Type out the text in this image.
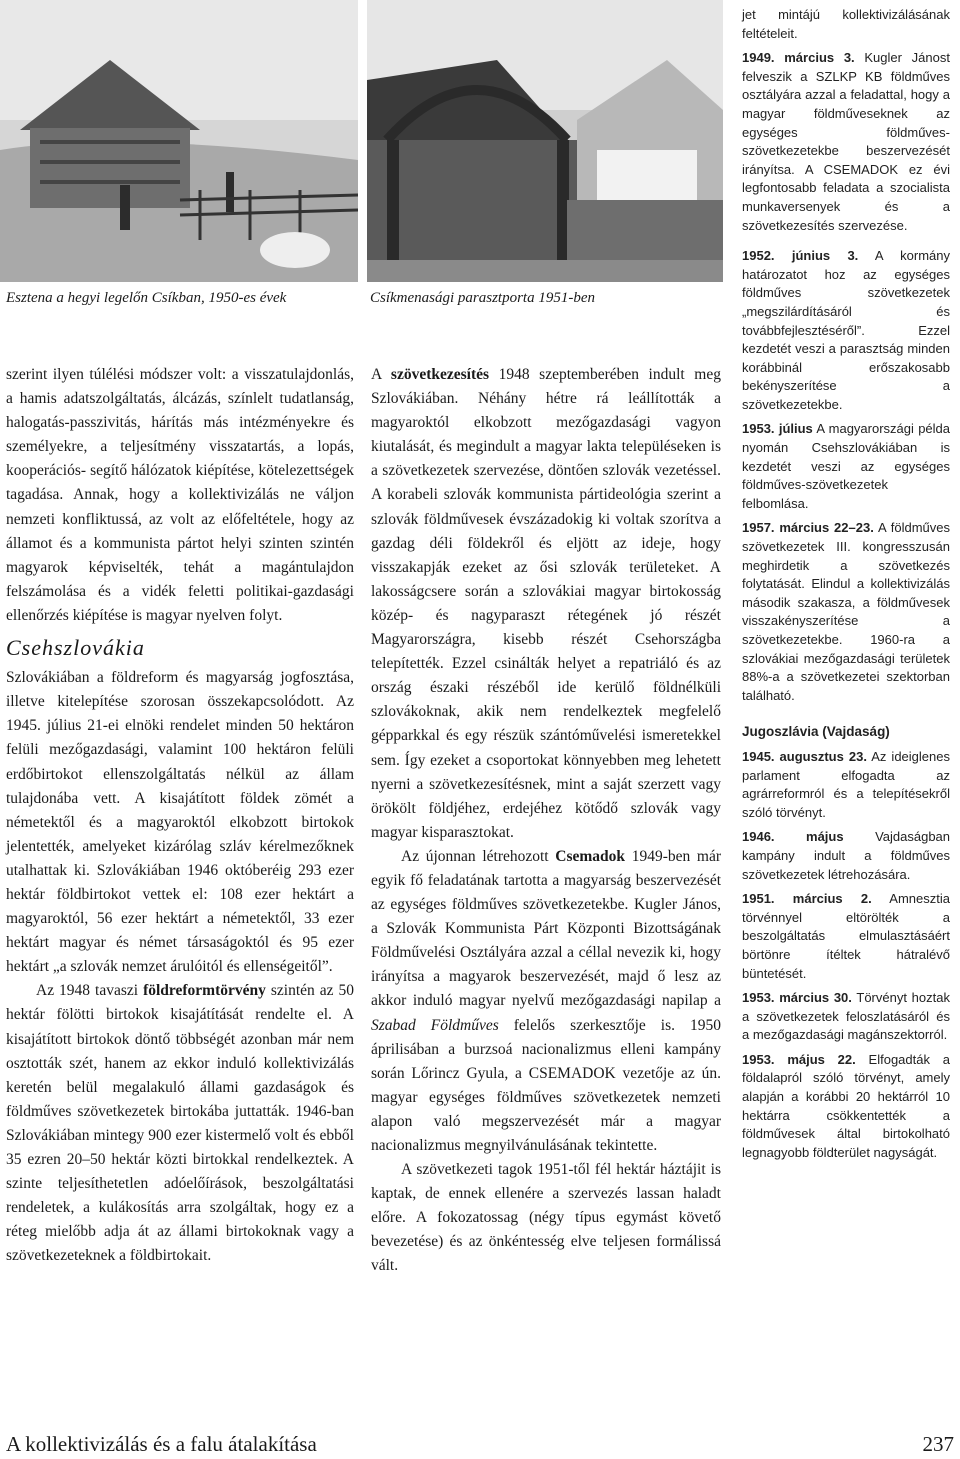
Esztena a hegyi legelőn Csíkban, 1950-es évek	Csíkmenasági parasztporta 1951-ben

szerint ilyen túlélési módszer volt: a visszatulajdonlás, a hamis adatszolgáltatás, álcázás, színlelt tudatlanság, halogatás-passzivitás, hárítás más intézményekre és személyekre, a teljesítmény visszatartás, a lopás, kooperációs- segítő hálózatok kiépítése, kötelezettségek tagadása. Annak, hogy a kollektivizálás ne váljon nemzeti konfliktussá, az volt az előfeltétele, hogy az államot és a kommunista pártot helyi szinten szintén magyarok képviselték, tehát a magántulajdon felszámolása és a vidék feletti politikai-gazdasági ellenőrzés kiépítése is magyar nyelven folyt.

Csehszlovákia

Szlovákiában a földreform és magyarság jogfosztása, illetve kitelepítése szorosan összekapcsolódott. Az 1945. július 21-ei elnöki rendelet minden 50 hektáron felüli mezőgazdasági, valamint 100 hektáron felüli erdőbirtokot ellenszolgáltatás nélkül az állam tulajdonába vett. A kisajátított földek zömét a németektől és a magyaroktól elkobzott birtokok jelentették, amelyeket kizárólag szláv kérelmezőknek utalhattak ki. Szlovákiában 1946 októberéig 293 ezer hektár földbirtokot vettek el: 108 ezer hektárt a magyaroktól, 56 ezer hektárt a németektől, 33 ezer hektárt magyar és német társaságoktól és 95 ezer hektárt „a szlovák nemzet árulóitól és ellenségeitől”.

Az 1948 tavaszi földreformtörvény szintén az 50 hektár fölötti birtokok kisajátítását rendelte el. A kisajátított birtokok döntő többségét azonban már nem osztották szét, hanem az ekkor induló kollektivizálás keretén belül megalakuló állami gazdaságok és földműves szövetkezetek birtokába juttatták. 1946-ban Szlovákiában mintegy 900 ezer kistermelő volt és ebből 35 ezren 20–50 hektár közti birtokkal rendelkeztek. A szinte teljesíthetetlen adóelőírások, beszolgáltatási rendeletek, a kulákosítás arra szolgáltak, hogy ez a réteg mielőbb adja át az állami birtokoknak vagy a szövetkezeteknek a földbirtokait.

A szövetkezesítés 1948 szeptemberében indult meg Szlovákiában. Néhány hétre rá leállították a magyaroktól elkobzott mezőgazdasági vagyon kiutalását, és megindult a magyar lakta településeken is a szövetkezetek szervezése, döntően szlovák vezetéssel. A korabeli szlovák kommunista pártideológia szerint a szlovák földművesek évszázadokig ki voltak szorítva a gazdag déli földekről és eljött az ideje, hogy visszakapják ezeket az ősi szlovák területeket. A lakosságcsere során a szlovákiai magyar birtokosság közép- és nagyparaszt rétegének jó részét Magyarországra, kisebb részét Csehországba telepítették. Ezzel csinálták helyet a repatriáló és az ország északi részéből ide kerülő földnélküli szlovákoknak, akik nem rendelkeztek megfelelő gépparkkal és egy részük szántóművelési ismeretekkel sem. Így ezeket a csoportokat könnyebben meg lehetett nyerni a szövetkezesítésnek, mint a saját szerzett vagy örökölt földjéhez, erdejéhez kötődő szlovák vagy magyar kisparasztokat.

Az újonnan létrehozott Csemadok 1949-ben már egyik fő feladatának tartotta a magyarság beszervezését az egységes földműves szövetkezetekbe. Kugler János, a Szlovák Kommunista Párt Központi Bizottságának Földművelési Osztályára azzal a céllal nevezik ki, hogy irányítsa a magyarok beszervezését, majd ő lesz az akkor induló magyar nyelvű mezőgazdasági napilap a Szabad Földműves felelős szerkesztője is. 1950 áprilisában a burzsoá nacionalizmus elleni kampány során Lőrincz Gyula, a CSEMADOK vezetője az ún. magyar egységes földműves szövetkezetek nemzeti alapon való megszervezését már a magyar nacionalizmus megnyilvánulásának tekintette.

A szövetkezeti tagok 1951-től fél hektár háztájit is kaptak, de ennek ellenére a szervezés lassan haladt előre. A fokozatossag (négy típus egymást követő bevezetése) és az önkéntesség elve teljesen formálissá vált.

jet mintájú kollektivizálásának feltételeit.

1949. március 3. Kugler Jánost felveszik a SZLKP KB földműves osztályára azzal a feladattal, hogy a magyar földműveseknek az egységes földműves-szövetkezetekbe beszervezését irányítsa. A CSEMADOK ez évi legfontosabb feladata a szocialista munkaversenyek és a szövetkezesítés szervezése.

1952. június 3. A kormány határozatot hoz az egységes földműves szövetkezetek „megszilárdításáról és továbbfejlesztéséről”. Ezzel kezdetét veszi a parasztság minden korábbinál erőszakosabb bekényszerítése a szövetkezetekbe.

1953. július A magyarországi példa nyomán Csehszlovákiában is kezdetét veszi az egységes földműves-szövetkezetek felbomlása.

1957. március 22–23. A földműves szövetkezetek III. kongresszusán meghirdetik a szövetkezés folytatását. Elindul a kollektivizálás második szakasza, a földművesek visszakényszerítése a szövetkezetekbe. 1960-ra a szlovákiai mezőgazdasági területek 88%-a a szövetkezetei szektorban található.

Jugoszlávia (Vajdaság)

1945. augusztus 23. Az ideiglenes parlament elfogadta az agrárreformról és a telepítésekről szóló törvényt.

1946. május Vajdaságban kampány indult a földműves szövetkezetek létrehozására.

1951. március 2. Amnesztia törvénnyel eltörölték a beszolgáltatás elmulasztásáért börtönre ítéltek hátralévő büntetését.

1953. március 30. Törvényt hoztak a szövetkezetek feloszlatásáról és a mezőgazdasági magánszektorról.

1953. május 22. Elfogadták a földalapról szóló törvényt, amely alapján a korábbi 20 hektárról 10 hektárra csökkentették a földművesek által birtokolható legnagyobb földterület nagyságát.

A kollektivizálás és a falu átalakítása	237
